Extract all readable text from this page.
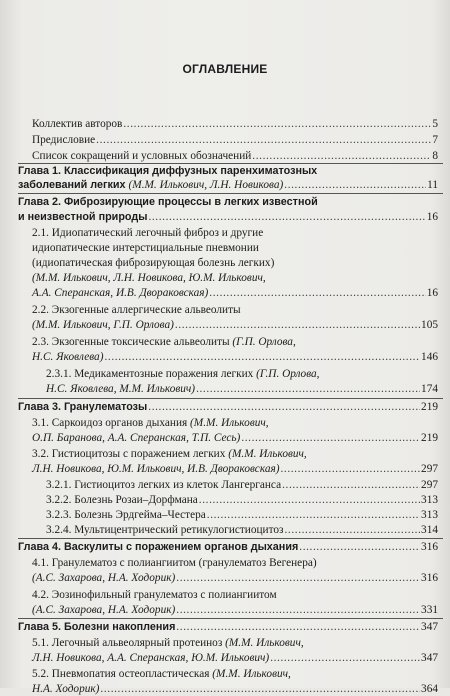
ОГЛАВЛЕНИЕ
Коллектив авторов .....	5
Предисловие .....	7
Список сокращений и условных обозначений .....	8
Глава 1. Классификация диффузных паренхиматозных
заболеваний легких (М.М. Илькович, Л.Н. Новикова) .....	11
Глава 2. Фиброзирующие процессы в легких известной
и неизвестной природы .....	16
2.1. Идиопатический легочный фиброз и другие
идиопатические интерстициальные пневмонии
(идиопатическая фиброзирующая болезнь легких)
(М.М. Илькович, Л.Н. Новикова, Ю.М. Илькович,
А.А. Сперанская, И.В. Двораковская) .....	16
2.2. Экзогенные аллергические альвеолиты
(М.М. Илькович, Г.П. Орлова) .....	105
2.3. Экзогенные токсические альвеолиты (Г.П. Орлова,
Н.С. Яковлева) .....	146
2.3.1. Медикаментозные поражения легких (Г.П. Орлова,
Н.С. Яковлева, М.М. Илькович) .....	174
Глава 3. Гранулематозы .....	219
3.1. Саркоидоз органов дыхания (М.М. Илькович,
О.П. Баранова, А.А. Сперанская, Т.П. Сесь) .....	219
3.2. Гистиоцитозы с поражением легких (М.М. Илькович,
Л.Н. Новикова, Ю.М. Илькович, И.В. Двораковская) .....	297
3.2.1. Гистиоцитоз легких из клеток Лангерганса .....	297
3.2.2. Болезнь Розаи–Дорфмана .....	313
3.2.3. Болезнь Эрдгейма–Честера .....	313
3.2.4. Мультицентрический ретикулогистиоцитоз .....	314
Глава 4. Васкулиты с поражением органов дыхания .....	316
4.1. Гранулематоз с полиангиитом (гранулематоз Вегенера)
(А.С. Захарова, Н.А. Ходорик) .....	316
4.2. Эозинофильный гранулематоз с полиангиитом
(А.С. Захарова, Н.А. Ходорик) .....	331
Глава 5. Болезни накопления .....	347
5.1. Легочный альвеолярный протеиноз (М.М. Илькович,
Л.Н. Новикова, А.А. Сперанская, Ю.М. Илькович) .....	347
5.2. Пневмопатия остеопластическая (М.М. Илькович,
Н.А. Ходорик) .....	364
